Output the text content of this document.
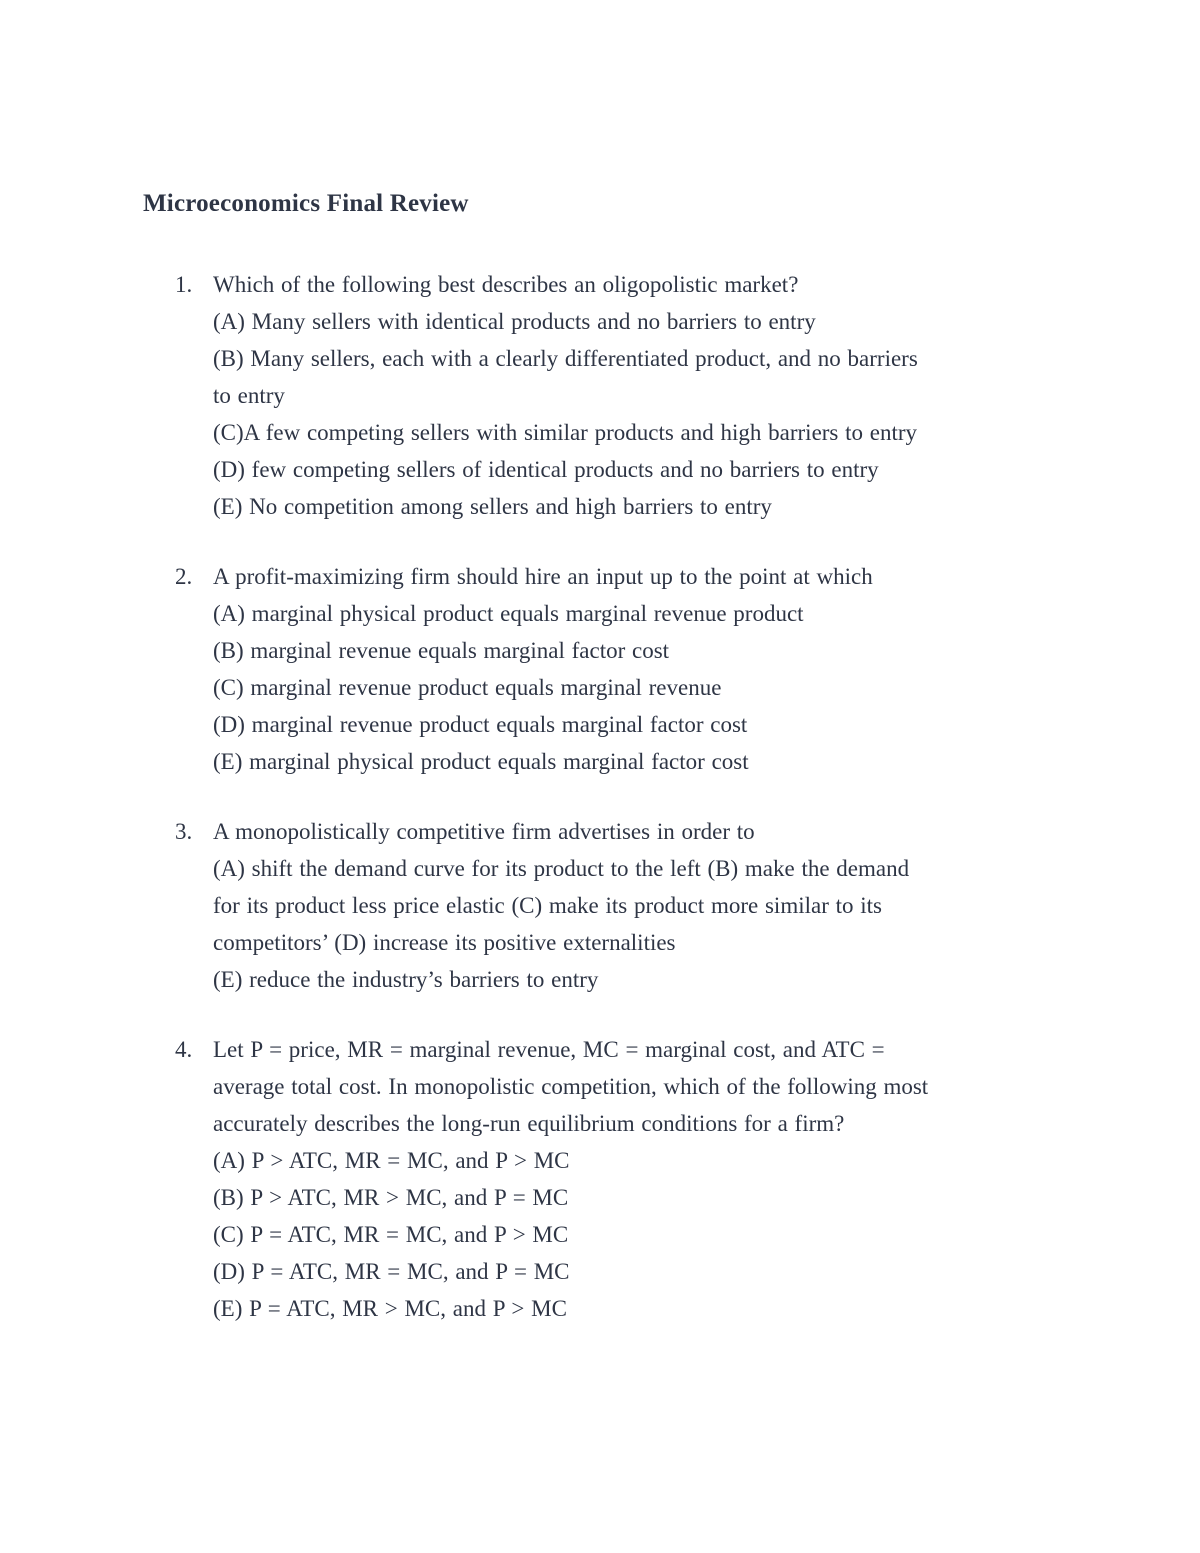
Microeconomics Final Review
1. Which of the following best describes an oligopolistic market?
(A) Many sellers with identical products and no barriers to entry
(B) Many sellers, each with a clearly differentiated product, and no barriers
to entry
(C)A few competing sellers with similar products and high barriers to entry
(D) few competing sellers of identical products and no barriers to entry
(E) No competition among sellers and high barriers to entry
2. A profit-maximizing firm should hire an input up to the point at which
(A) marginal physical product equals marginal revenue product
(B) marginal revenue equals marginal factor cost
(C) marginal revenue product equals marginal revenue
(D) marginal revenue product equals marginal factor cost
(E) marginal physical product equals marginal factor cost
3. A monopolistically competitive firm advertises in order to
(A) shift the demand curve for its product to the left (B) make the demand
for its product less price elastic (C) make its product more similar to its
competitors’ (D) increase its positive externalities
(E) reduce the industry’s barriers to entry
4. Let P = price, MR = marginal revenue, MC = marginal cost, and ATC =
average total cost. In monopolistic competition, which of the following most
accurately describes the long-run equilibrium conditions for a firm?
(A) P > ATC, MR = MC, and P > MC
(B) P > ATC, MR > MC, and P = MC
(C) P = ATC, MR = MC, and P > MC
(D) P = ATC, MR = MC, and P = MC
(E) P = ATC, MR > MC, and P > MC
